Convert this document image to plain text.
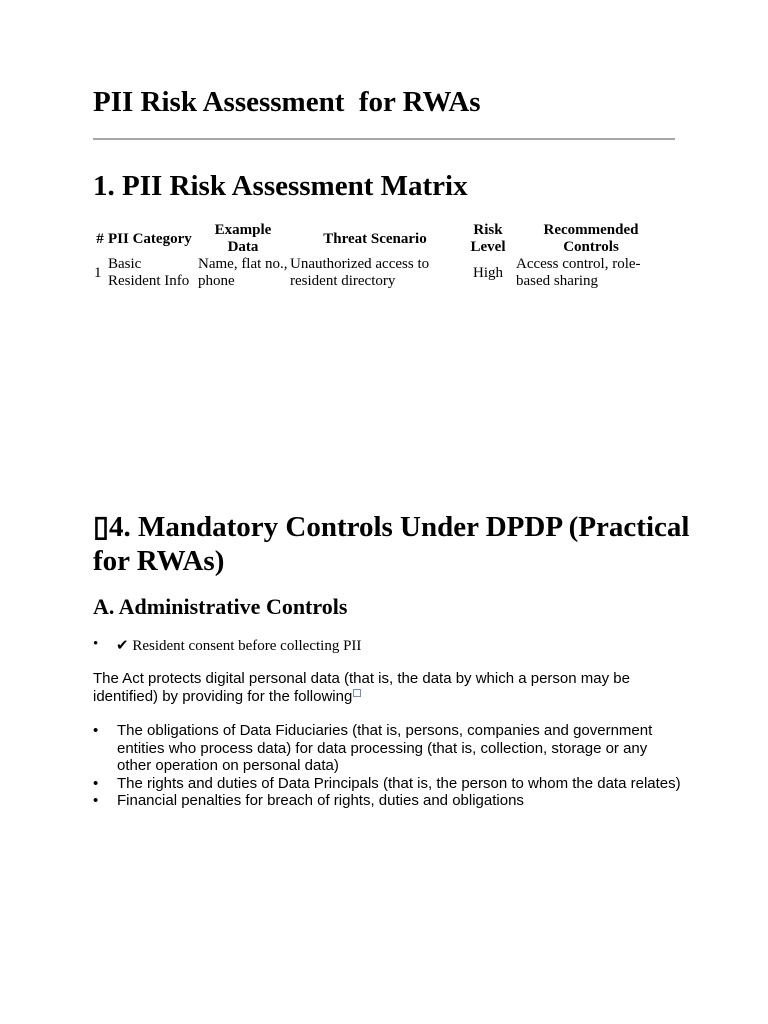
PII Risk Assessment  for RWAs
1. PII Risk Assessment Matrix
#	PII Category	Example Data	Threat Scenario	Risk Level	Recommended Controls
1	Basic Resident Info	Name, flat no., phone	Unauthorized access to resident directory	High	Access control, role-based sharing
▯4. Mandatory Controls Under DPDP (Practical for RWAs)
A. Administrative Controls
• ✔ Resident consent before collecting PII

The Act protects digital personal data (that is, the data by which a person may be identified) by providing for the following

• The obligations of Data Fiduciaries (that is, persons, companies and government entities who process data) for data processing (that is, collection, storage or any other operation on personal data)
• The rights and duties of Data Principals (that is, the person to whom the data relates)
• Financial penalties for breach of rights, duties and obligations
